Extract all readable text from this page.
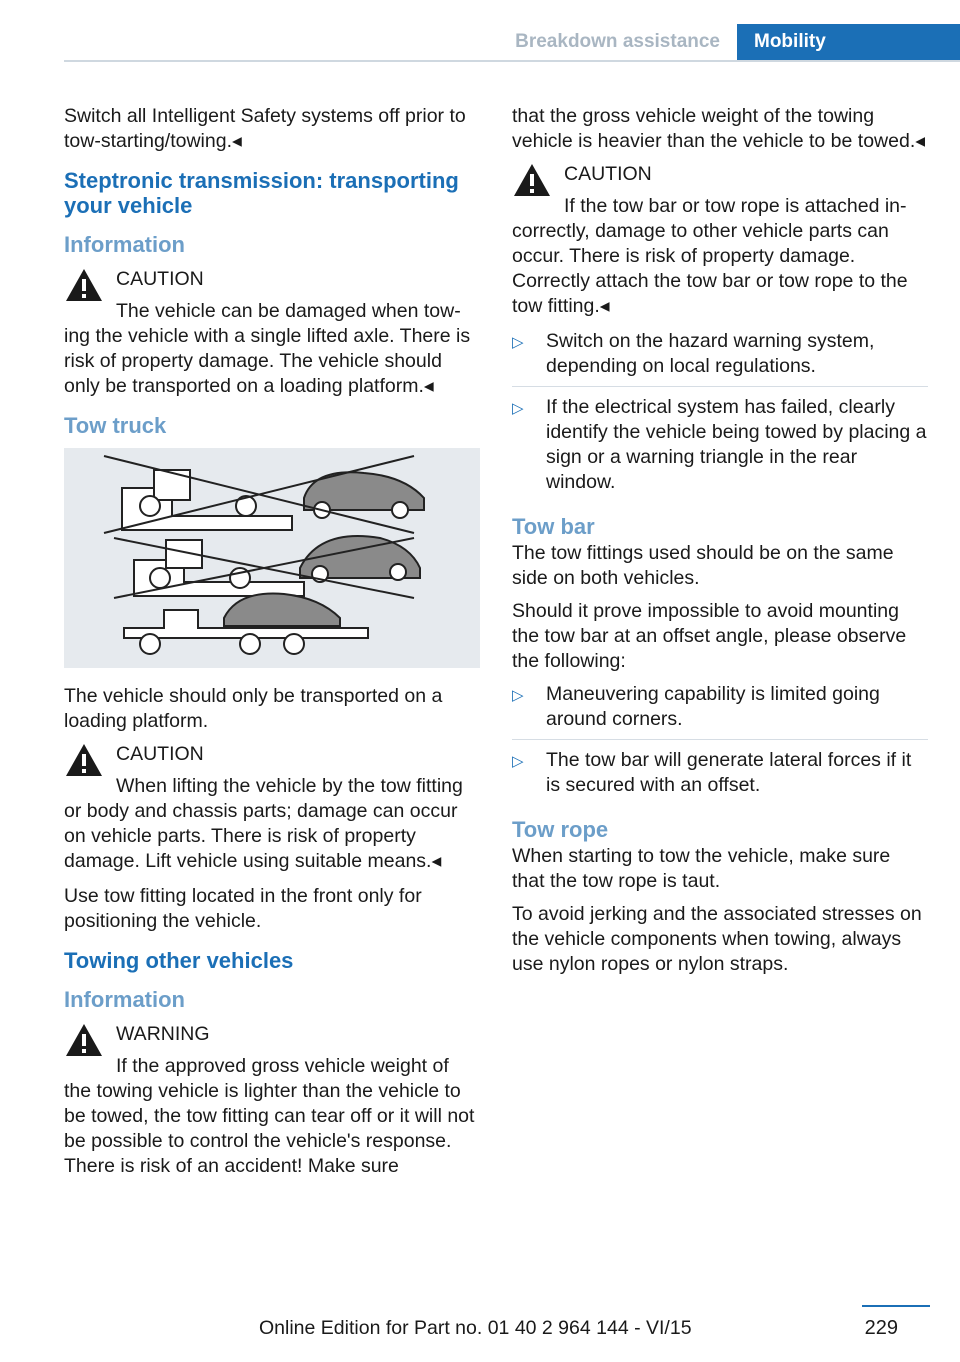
Breakdown assistance	Mobility

Switch all Intelligent Safety systems off prior to tow-starting/towing.◂

Steptronic transmission: transporting your vehicle
Information
CAUTION
The vehicle can be damaged when tow-

ing the vehicle with a single lifted axle. There is risk of property damage. The vehicle should only be transported on a loading platform.◂

Tow truck

The vehicle should only be transported on a loading platform.

CAUTION
When lifting the vehicle by the tow fitting

or body and chassis parts; damage can occur on vehicle parts. There is risk of property damage. Lift vehicle using suitable means.◂

Use tow fitting located in the front only for positioning the vehicle.

Towing other vehicles
Information
WARNING
If the approved gross vehicle weight of

the towing vehicle is lighter than the vehicle to be towed, the tow fitting can tear off or it will not be possible to control the vehicle's response. There is risk of an accident! Make sure

that the gross vehicle weight of the towing vehicle is heavier than the vehicle to be towed.◂

CAUTION
If the tow bar or tow rope is attached in-

correctly, damage to other vehicle parts can occur. There is risk of property damage. Correctly attach the tow bar or tow rope to the tow fitting.◂

▷ Switch on the hazard warning system, depending on local regulations.
▷ If the electrical system has failed, clearly identify the vehicle being towed by placing a sign or a warning triangle in the rear window.
Tow bar

The tow fittings used should be on the same side on both vehicles.

Should it prove impossible to avoid mounting the tow bar at an offset angle, please observe the following:

▷ Maneuvering capability is limited going around corners.
▷ The tow bar will generate lateral forces if it is secured with an offset.
Tow rope

When starting to tow the vehicle, make sure that the tow rope is taut.

To avoid jerking and the associated stresses on the vehicle components when towing, always use nylon ropes or nylon straps.

229
Online Edition for Part no. 01 40 2 964 144 - VI/15
